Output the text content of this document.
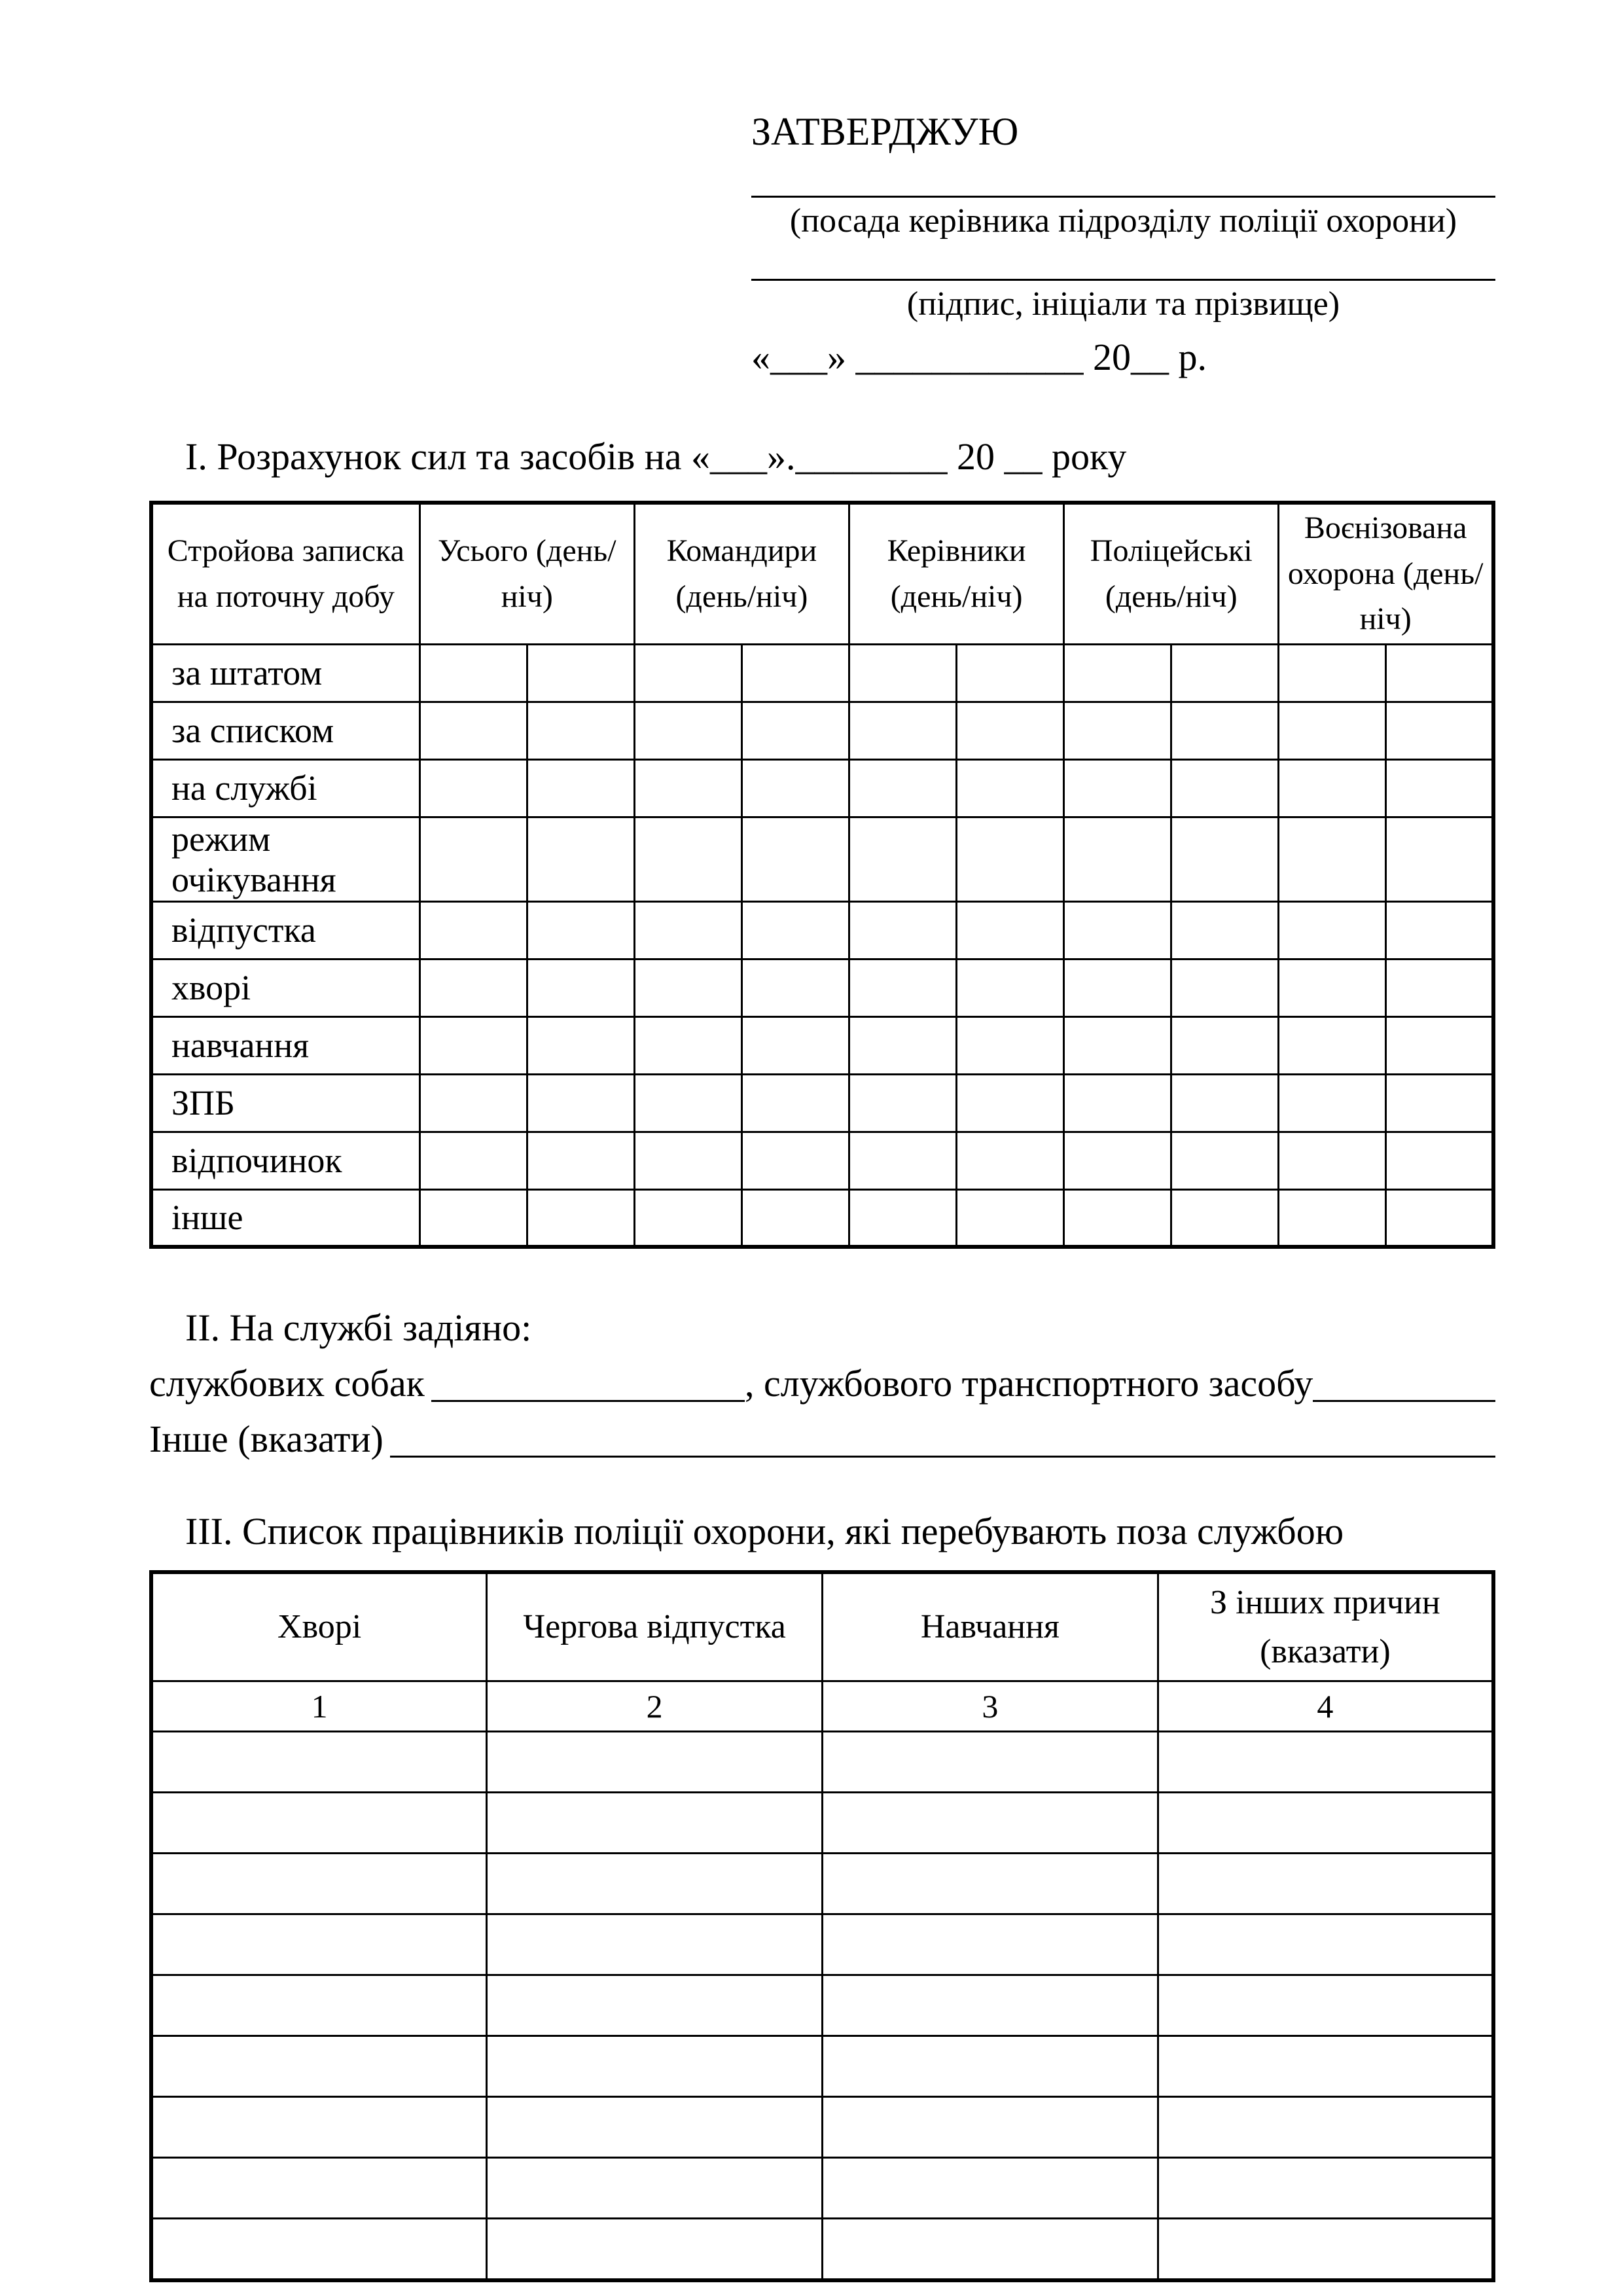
ЗАТВЕРДЖУЮ
(посада керівника підрозділу поліції охорони)
(підпис, ініціали та прізвище)
«___» ____________ 20__ р.
І. Розрахунок сил та засобів на «___».________ 20 __ року
Стройова записка на поточну добу	Усього (день/ніч)		Командири (день/ніч)		Керівники (день/ніч)		Поліцейські (день/ніч)		Воєнізована охорона (день/ніч)	
за штатом										
за списком										
на службі										
режим очікування										
відпустка										
хворі										
навчання										
ЗПБ										
відпочинок										
інше										
ІІ. На службі задіяно:
службових собак	, службового транспортного засобу
Інше (вказати)
ІІІ. Список працівників поліції охорони, які перебувають поза службою
Хворі	Чергова відпустка	Навчання	З інших причин (вказати)
1	2	3	4
